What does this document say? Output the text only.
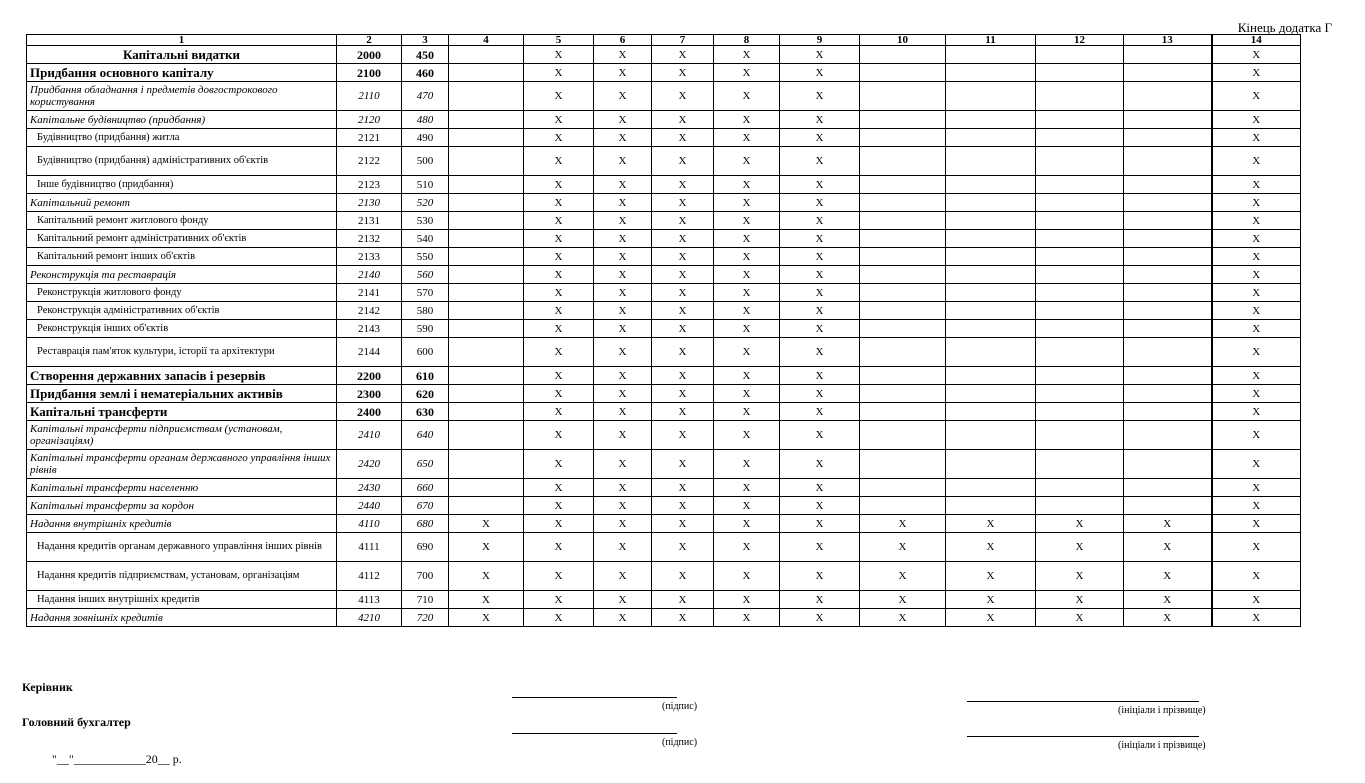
Кінець додатка Г
1	2	3	4	5	6	7	8	9	10	11	12	13	14
Капітальні видатки	2000	450		X	X	X	X	X					X
Придбання основного капіталу	2100	460		X	X	X	X	X					X
Придбання обладнання і предметів довгострокового користування	2110	470		X	X	X	X	X					X
Капітальне будівництво (придбання)	2120	480		X	X	X	X	X					X
Будівництво (придбання) житла	2121	490		X	X	X	X	X					X
Будівництво (придбання) адміністративних об'єктів	2122	500		X	X	X	X	X					X
Інше будівництво (придбання)	2123	510		X	X	X	X	X					X
Капітальний ремонт	2130	520		X	X	X	X	X					X
Капітальний ремонт житлового фонду	2131	530		X	X	X	X	X					X
Капітальний ремонт адміністративних об'єктів	2132	540		X	X	X	X	X					X
Капітальний ремонт інших об'єктів	2133	550		X	X	X	X	X					X
Реконструкція та реставрація	2140	560		X	X	X	X	X					X
Реконструкція житлового фонду	2141	570		X	X	X	X	X					X
Реконструкція адміністративних об'єктів	2142	580		X	X	X	X	X					X
Реконструкція інших об'єктів	2143	590		X	X	X	X	X					X
Реставрація пам'яток культури, історії та архітектури	2144	600		X	X	X	X	X					X
Створення державних запасів і резервів	2200	610		X	X	X	X	X					X
Придбання землі і нематеріальних активів	2300	620		X	X	X	X	X					X
Капітальні трансферти	2400	630		X	X	X	X	X					X
Капітальні трансферти підприємствам (установам, організаціям)	2410	640		X	X	X	X	X					X
Капітальні трансферти органам державного управління інших рівнів	2420	650		X	X	X	X	X					X
Капітальні трансферти населенню	2430	660		X	X	X	X	X					X
Капітальні трансферти за кордон	2440	670		X	X	X	X	X					X
Надання внутрішніх кредитів	4110	680	X	X	X	X	X	X	X	X	X	X	X
Надання кредитів органам державного управління інших рівнів	4111	690	X	X	X	X	X	X	X	X	X	X	X
Надання кредитів підприємствам, установам, організаціям	4112	700	X	X	X	X	X	X	X	X	X	X	X
Надання інших внутрішніх кредитів	4113	710	X	X	X	X	X	X	X	X	X	X	X
Надання зовнішніх кредитів	4210	720	X	X	X	X	X	X	X	X	X	X	X
Керівник
(підпис)	(ініціали і прізвище)
Головний бухгалтер
(підпис)	(ініціали і прізвище)
"__"____________20__ р.
